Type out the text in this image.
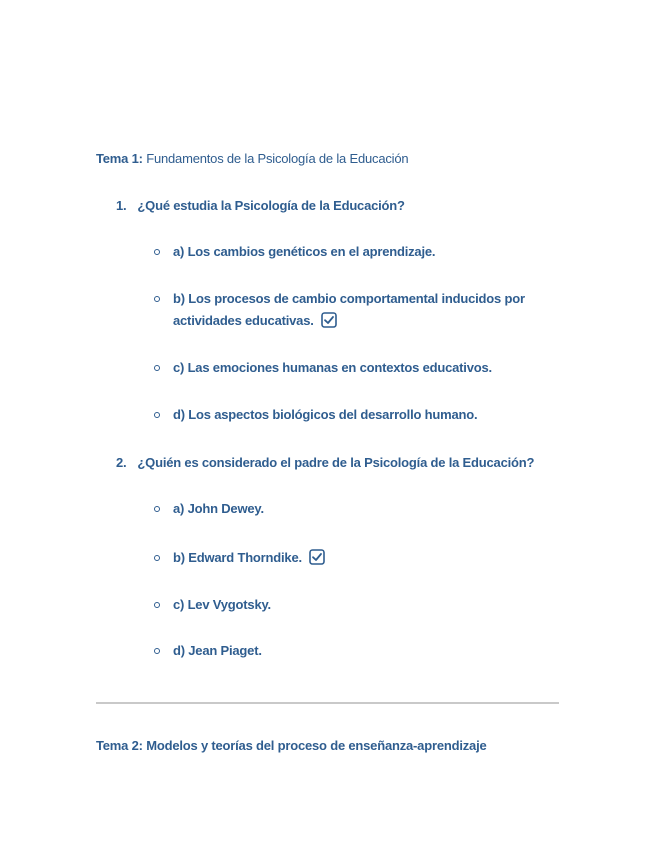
Tema 1: Fundamentos de la Psicología de la Educación
1. ¿Qué estudia la Psicología de la Educación?
a) Los cambios genéticos en el aprendizaje.
b) Los procesos de cambio comportamental inducidos por actividades educativas.
c) Las emociones humanas en contextos educativos.
d) Los aspectos biológicos del desarrollo humano.
2. ¿Quién es considerado el padre de la Psicología de la Educación?
a) John Dewey.
b) Edward Thorndike.
c) Lev Vygotsky.
d) Jean Piaget.
Tema 2: Modelos y teorías del proceso de enseñanza-aprendizaje
